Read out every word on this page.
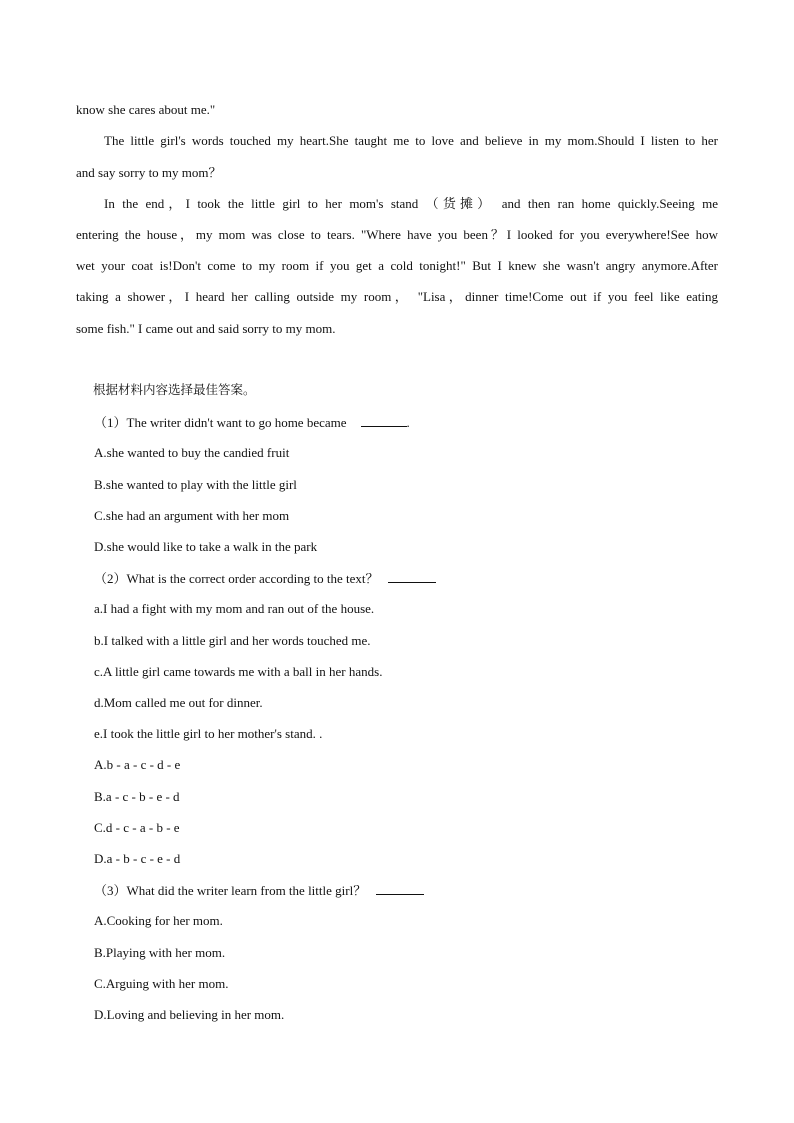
know she cares about me."
The little girl's words touched my heart.She taught me to love and believe in my mom.Should I listen to her
and say sorry to my mom？
In the end，I took the little girl to her mom's stand （货摊） and then ran home quickly.Seeing me
entering the house，my mom was close to tears. "Where have you been？I looked for you everywhere!See how
wet your coat is!Don't come to my room if you get a cold tonight!" But I knew she wasn't angry anymore.After
taking a shower，I heard her calling outside my room， "Lisa，dinner time!Come out if you feel like eating
some fish." I came out and said sorry to my mom.
根据材料内容选择最佳答案。
（1）The writer didn't want to go home became	.
A.she wanted to buy the candied fruit
B.she wanted to play with the little girl
C.she had an argument with her mom
D.she would like to take a walk in the park
（2）What is the correct order according to the text？
a.I had a fight with my mom and ran out of the house.
b.I talked with a little girl and her words touched me.
c.A little girl came towards me with a ball in her hands.
d.Mom called me out for dinner.
e.I took the little girl to her mother's stand. .
A.b - a - c - d - e
B.a - c - b - e - d
C.d - c - a - b - e
D.a - b - c - e - d
（3）What did the writer learn from the little girl？
A.Cooking for her mom.
B.Playing with her mom.
C.Arguing with her mom.
D.Loving and believing in her mom.
